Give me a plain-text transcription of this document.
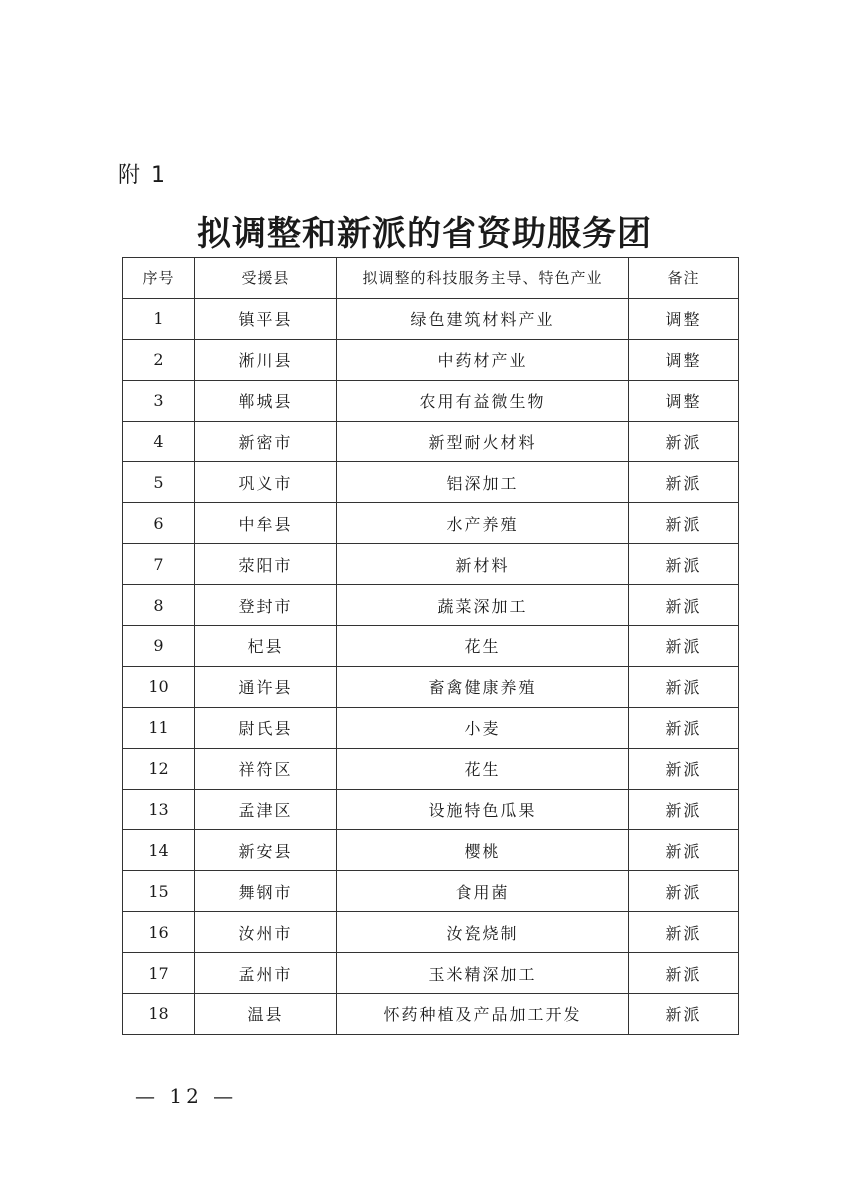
附 1
拟调整和新派的省资助服务团
序号	受援县	拟调整的科技服务主导、特色产业	备注
1	镇平县	绿色建筑材料产业	调整
2	淅川县	中药材产业	调整
3	郸城县	农用有益微生物	调整
4	新密市	新型耐火材料	新派
5	巩义市	铝深加工	新派
6	中牟县	水产养殖	新派
7	荥阳市	新材料	新派
8	登封市	蔬菜深加工	新派
9	杞县	花生	新派
10	通许县	畜禽健康养殖	新派
11	尉氏县	小麦	新派
12	祥符区	花生	新派
13	孟津区	设施特色瓜果	新派
14	新安县	樱桃	新派
15	舞钢市	食用菌	新派
16	汝州市	汝瓷烧制	新派
17	孟州市	玉米精深加工	新派
18	温县	怀药种植及产品加工开发	新派
— 12 —
